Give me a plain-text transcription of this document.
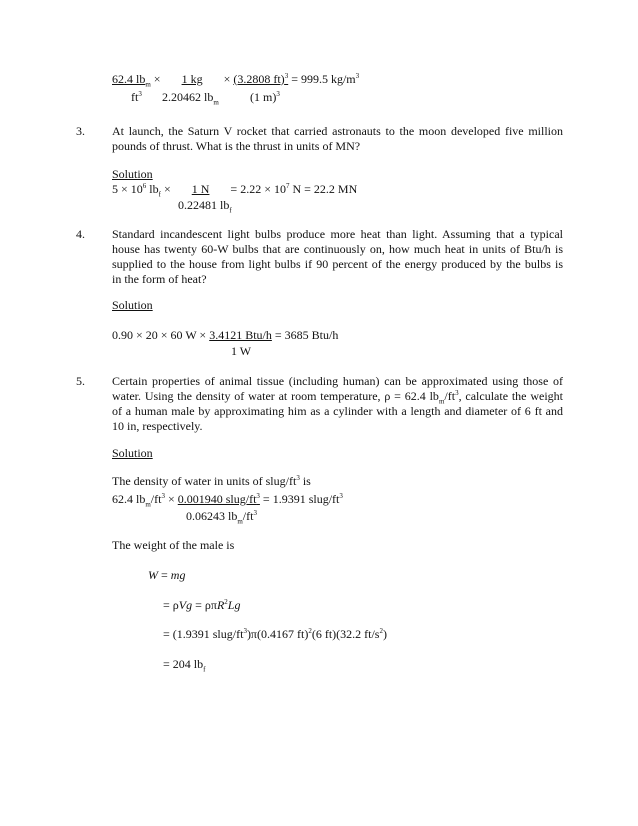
62.4 $lb_m \times 1$ kg × (3.2808 ft)$^3$ = 999.5 $kg/m^3$
$ft^3$ 2.20462 $lb_m$	(1 m)$^3$
3. At launch, the Saturn V rocket that carried astronauts to the moon developed five million
pounds of thrust. What is the thrust in units of MN?
Solution
$5 \times 10^6$ $lb_f \times 1$ $N = 2.22 \times 10^7$ N = 22.2 MN
0.22481 $lb_f$
4. Standard incandescent light bulbs produce more heat than light. Assuming that a typical
house has twenty 60-W bulbs that are continuously on, how much heat in units of Btu/h is
supplied to the house from light bulbs if 90 percent of the energy produced by the bulbs is
in the form of heat?
Solution
0.90 × 20 × 60 W × 3.4121 Btu/h = 3685 Btu/h
1 W
5. Certain properties of animal tissue (including human) can be approximated using those of
water. Using the density of water at room temperature, ρ = 62.4 $lb_m/ft^3$, calculate the weight
of a human male by approximating him as a cylinder with a length and diameter of 6 ft and
10 in, respectively.
Solution
The density of water in units of slug/$ft^3$ is
62.4 $lb_m/ft^3 \times 0.001940$ slug/$ft^3 = 1.9391$ slug/$ft^3$
0.06243 $lb_m/ft^3$
The weight of the male is
W = mg
= ρVg = ρπR$^2$Lg
= (1.9391 slug/$ft^3)\pi(0.4167$ ft)$^2$(6 ft)(32.2 $ft/s^2$)
= 204 $lb_f$
